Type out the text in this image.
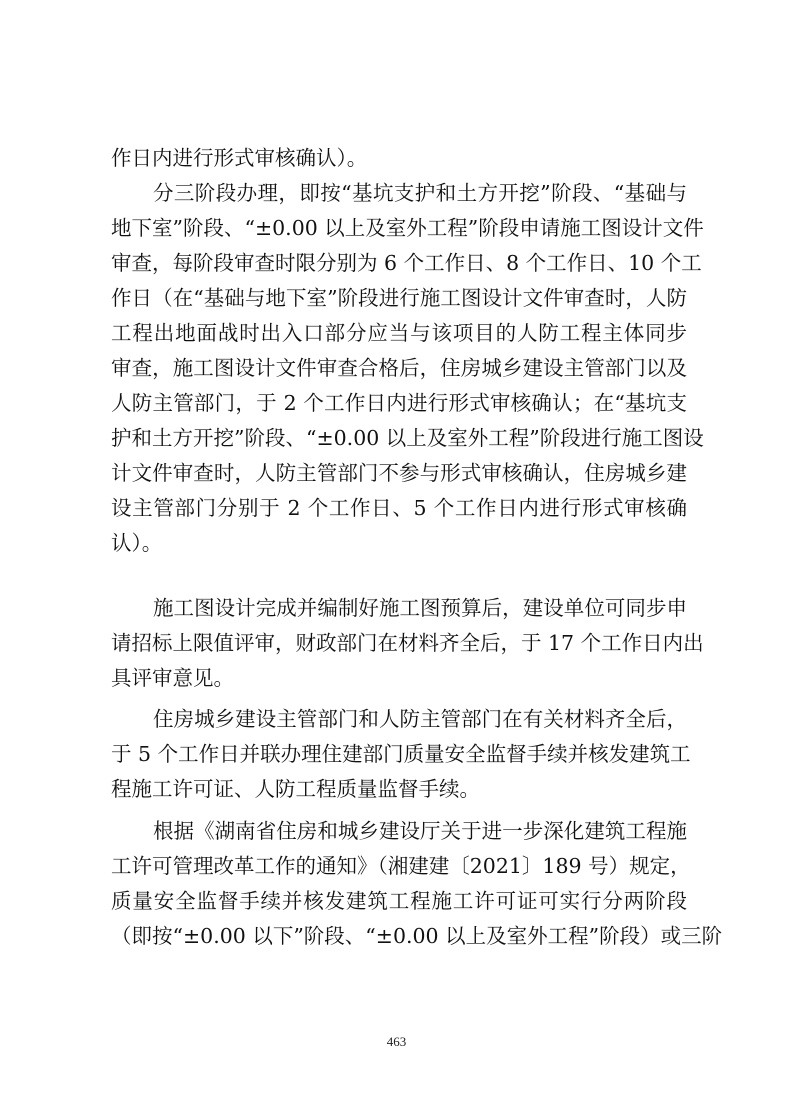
作日内进行形式审核确认）。
分三阶段办理，即按“基坑支护和土方开挖”阶段、“基础与
地下室”阶段、“±0.00 以上及室外工程”阶段申请施工图设计文件
审查，每阶段审查时限分别为 6 个工作日、8 个工作日、10 个工
作日（在“基础与地下室”阶段进行施工图设计文件审查时，人防
工程出地面战时出入口部分应当与该项目的人防工程主体同步
审查，施工图设计文件审查合格后，住房城乡建设主管部门以及
人防主管部门，于 2 个工作日内进行形式审核确认；在“基坑支
护和土方开挖”阶段、“±0.00 以上及室外工程”阶段进行施工图设
计文件审查时，人防主管部门不参与形式审核确认，住房城乡建
设主管部门分别于 2 个工作日、5 个工作日内进行形式审核确
认）。
施工图设计完成并编制好施工图预算后，建设单位可同步申
请招标上限值评审，财政部门在材料齐全后，于 17 个工作日内出
具评审意见。
住房城乡建设主管部门和人防主管部门在有关材料齐全后，
于 5 个工作日并联办理住建部门质量安全监督手续并核发建筑工
程施工许可证、人防工程质量监督手续。
根据《湖南省住房和城乡建设厅关于进一步深化建筑工程施
工许可管理改革工作的通知》（湘建建〔2021〕189 号）规定，
质量安全监督手续并核发建筑工程施工许可证可实行分两阶段
（即按“±0.00 以下”阶段、“±0.00 以上及室外工程”阶段）或三阶
463
